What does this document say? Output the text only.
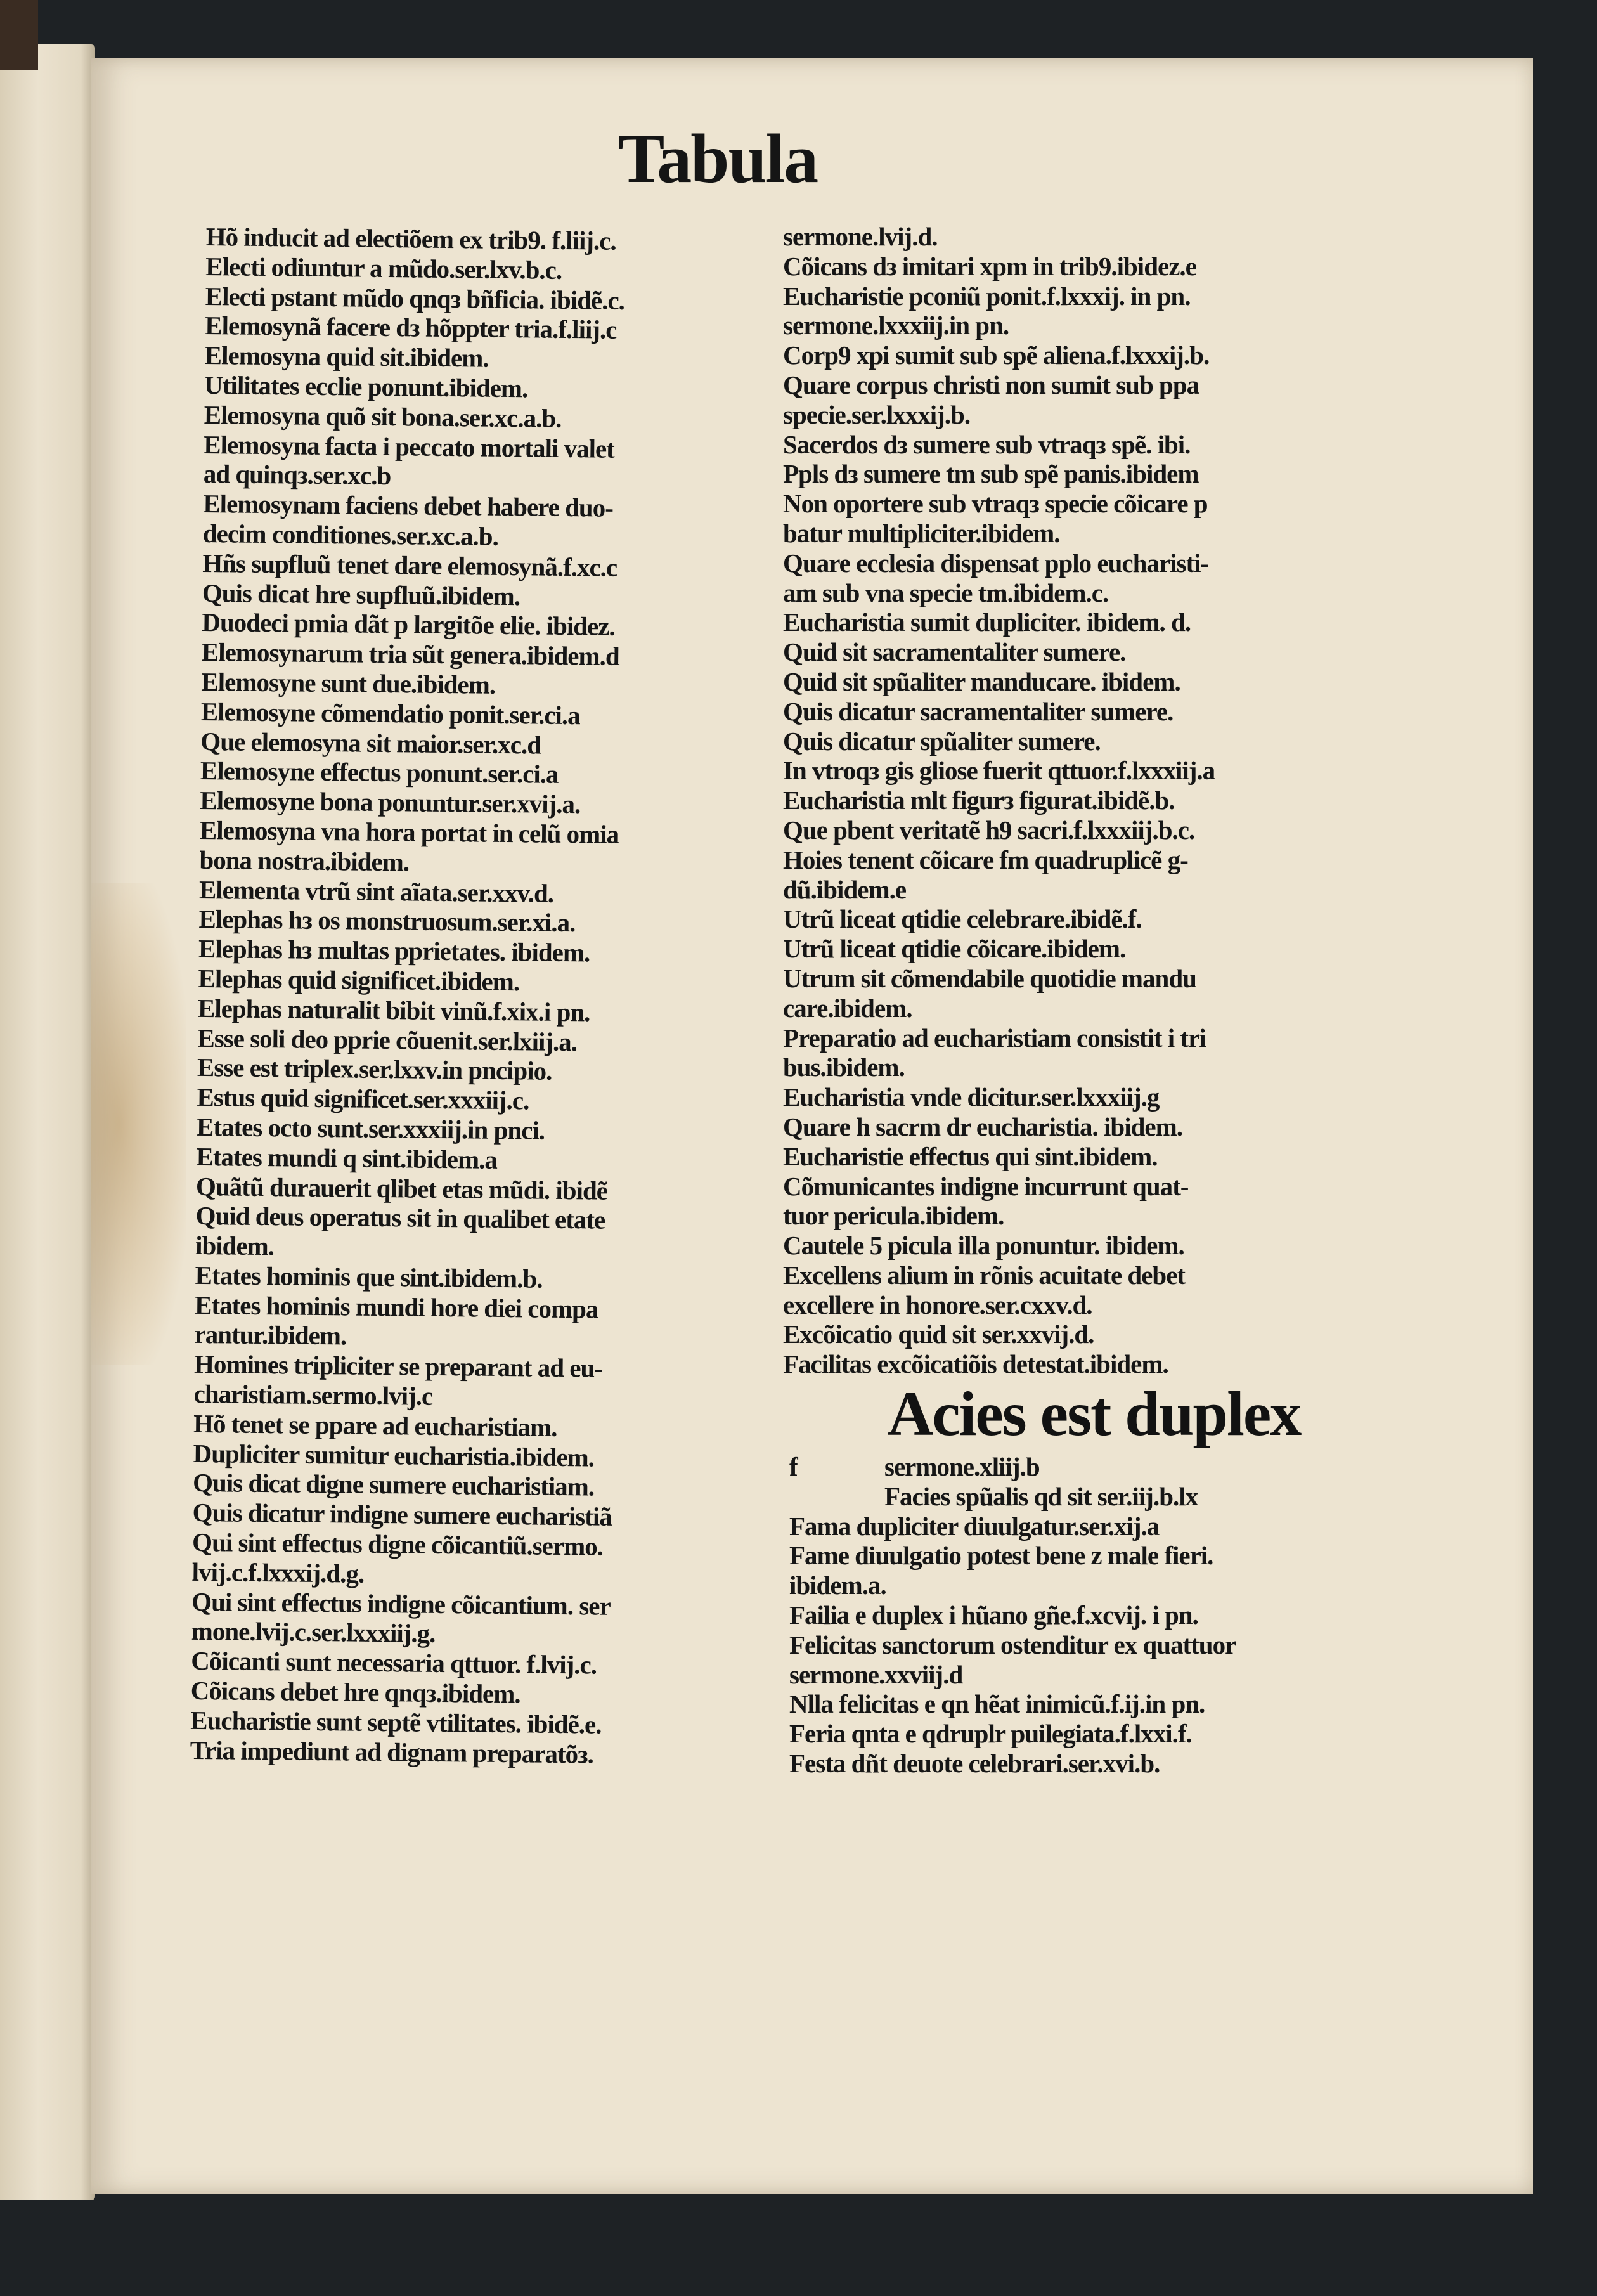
Tabula
Hõ inducit ad electiõem ex trib9. f.liij.c.
Electi odiuntur a mũdo.ser.lxv.b.c.
Electi pstant mũdo qnqз bñficia. ibidẽ.c.
Elemosynã facere dз hõppter tria.f.liij.c
Elemosyna quid sit.ibidem.
Utilitates ecclie ponunt.ibidem.
Elemosyna quõ sit bona.ser.xc.a.b.
Elemosyna facta i peccato mortali valet
ad quinqз.ser.xc.b
Elemosynam faciens debet habere duo-
decim conditiones.ser.xc.a.b.
Hñs supfluũ tenet dare elemosynã.f.xc.c
Quis dicat hre supfluũ.ibidem.
Duodeci pmia dãt p largitõe elie. ibidez.
Elemosynarum tria sũt genera.ibidem.d
Elemosyne sunt due.ibidem.
Elemosyne cõmendatio ponit.ser.ci.a
Que elemosyna sit maior.ser.xc.d
Elemosyne effectus ponunt.ser.ci.a
Elemosyne bona ponuntur.ser.xvij.a.
Elemosyna vna hora portat in celũ omia
bona nostra.ibidem.
Elementa vtrũ sint aĩata.ser.xxv.d.
Elephas hз os monstruosum.ser.xi.a.
Elephas hз multas pprietates. ibidem.
Elephas quid significet.ibidem.
Elephas naturalit bibit vinũ.f.xix.i pn.
Esse soli deo pprie cõuenit.ser.lxiij.a.
Esse est triplex.ser.lxxv.in pncipio.
Estus quid significet.ser.xxxiij.c.
Etates octo sunt.ser.xxxiij.in pnci.
Etates mundi q sint.ibidem.a
Quãtũ durauerit qlibet etas mũdi. ibidẽ
Quid deus operatus sit in qualibet etate
ibidem.
Etates hominis que sint.ibidem.b.
Etates hominis mundi hore diei compa
rantur.ibidem.
Homines tripliciter se preparant ad eu-
charistiam.sermo.lvij.c
Hõ tenet se ppare ad eucharistiam.
Dupliciter sumitur eucharistia.ibidem.
Quis dicat digne sumere eucharistiam.
Quis dicatur indigne sumere eucharistiã
Qui sint effectus digne cõicantiũ.sermo.
lvij.c.f.lxxxij.d.g.
Qui sint effectus indigne cõicantium. ser
mone.lvij.c.ser.lxxxiij.g.
Cõicanti sunt necessaria qttuor. f.lvij.c.
Cõicans debet hre qnqз.ibidem.
Eucharistie sunt septẽ vtilitates. ibidẽ.e.
Tria impediunt ad dignam preparatõз.
sermone.lvij.d.
Cõicans dз imitari xpm in trib9.ibidez.e
Eucharistie pconiũ ponit.f.lxxxij. in pn.
sermone.lxxxiij.in pn.
Corp9 xpi sumit sub spẽ aliena.f.lxxxij.b.
Quare corpus christi non sumit sub ppa
specie.ser.lxxxij.b.
Sacerdos dз sumere sub vtraqз spẽ. ibi.
Ppls dз sumere tm sub spẽ panis.ibidem
Non oportere sub vtraqз specie cõicare p
batur multipliciter.ibidem.
Quare ecclesia dispensat pplo eucharisti-
am sub vna specie tm.ibidem.c.
Eucharistia sumit dupliciter. ibidem. d.
Quid sit sacramentaliter sumere.
Quid sit spũaliter manducare. ibidem.
Quis dicatur sacramentaliter sumere.
Quis dicatur spũaliter sumere.
In vtroqз gis gliose fuerit qttuor.f.lxxxiij.a
Eucharistia mlt figurз figurat.ibidẽ.b.
Que pbent veritatẽ h9 sacri.f.lxxxiij.b.c.
Hoies tenent cõicare fm quadruplicẽ g-
dũ.ibidem.e
Utrũ liceat qtidie celebrare.ibidẽ.f.
Utrũ liceat qtidie cõicare.ibidem.
Utrum sit cõmendabile quotidie mandu
care.ibidem.
Preparatio ad eucharistiam consistit i tri
bus.ibidem.
Eucharistia vnde dicitur.ser.lxxxiij.g
Quare h sacrm dr eucharistia. ibidem.
Eucharistie effectus qui sint.ibidem.
Cõmunicantes indigne incurrunt quat-
tuor pericula.ibidem.
Cautele 5 picula illa ponuntur. ibidem.
Excellens alium in rõnis acuitate debet
excellere in honore.ser.cxxv.d.
Excõicatio quid sit ser.xxvij.d.
Facilitas excõicatiõis detestat.ibidem.
Acies est duplex
f	sermone.xliij.b
Facies spũalis qd sit ser.iij.b.lx
Fama dupliciter diuulgatur.ser.xij.a
Fame diuulgatio potest bene z male fieri.
ibidem.a.
Failia e duplex i hũano gñe.f.xcvij. i pn.
Felicitas sanctorum ostenditur ex quattuor
sermone.xxviij.d
Nlla felicitas e qn hẽat inimicũ.f.ij.in pn.
Feria qnta e qdruplr puilegiata.f.lxxi.f.
Festa dñt deuote celebrari.ser.xvi.b.
